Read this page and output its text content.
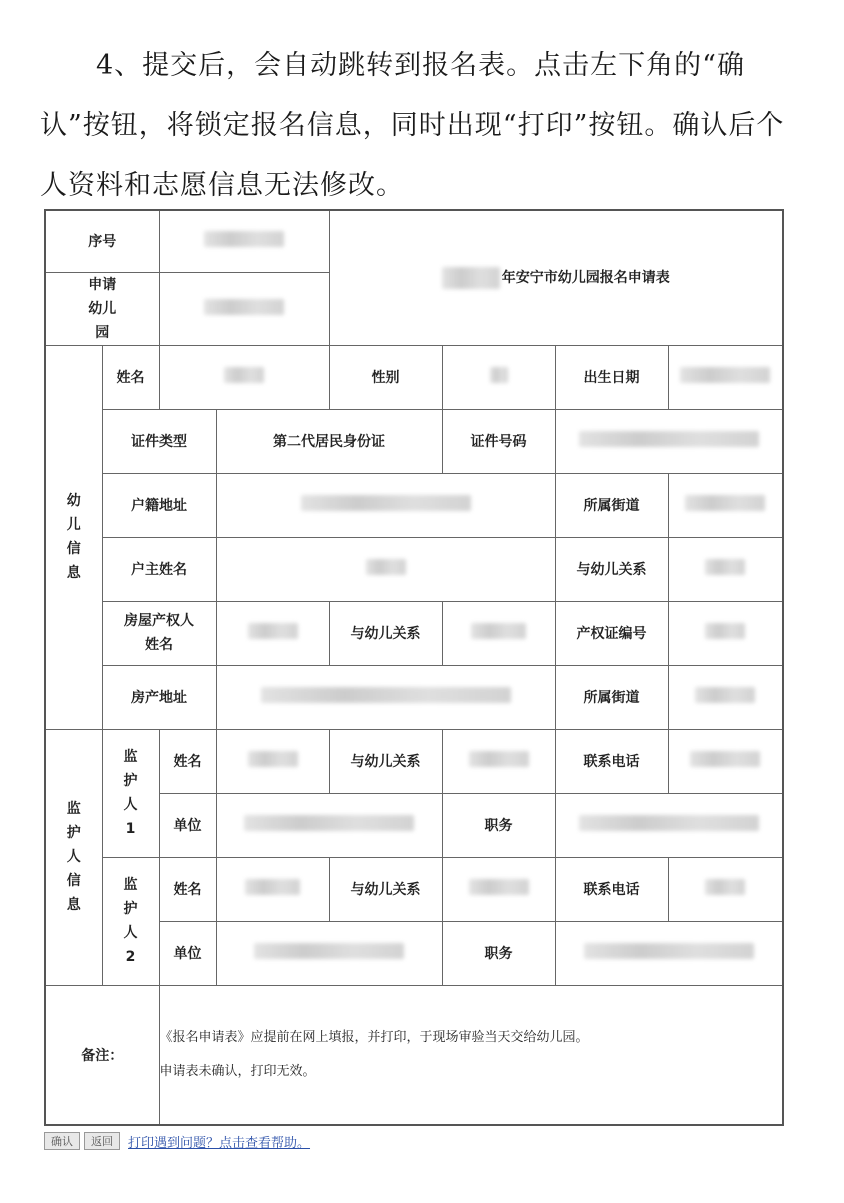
4、提交后，会自动跳转到报名表。点击左下角的“确认”按钮，将锁定报名信息，同时出现“打印”按钮。确认后个人资料和志愿信息无法修改。
序号				年安宁市幼儿园报名申请表			
申请幼儿园							
幼儿信息	姓名			性别		出生日期	
	证件类型		第二代居民身份证		证件号码		
	户籍地址					所属街道	
	户主姓名					与幼儿关系	
	房屋产权人姓名			与幼儿关系		产权证编号	
	房产地址					所属街道	
监护人信息	监护人1	姓名		与幼儿关系		联系电话	
		单位			职务		
	监护人2	姓名		与幼儿关系		联系电话	
		单位			职务		
备注：		《报名申请表》应提前在网上填报，并打印，于现场审验当天交给幼儿园。
申请表未确认，打印无效。					
确认	返回	打印遇到问题？点击查看帮助。
